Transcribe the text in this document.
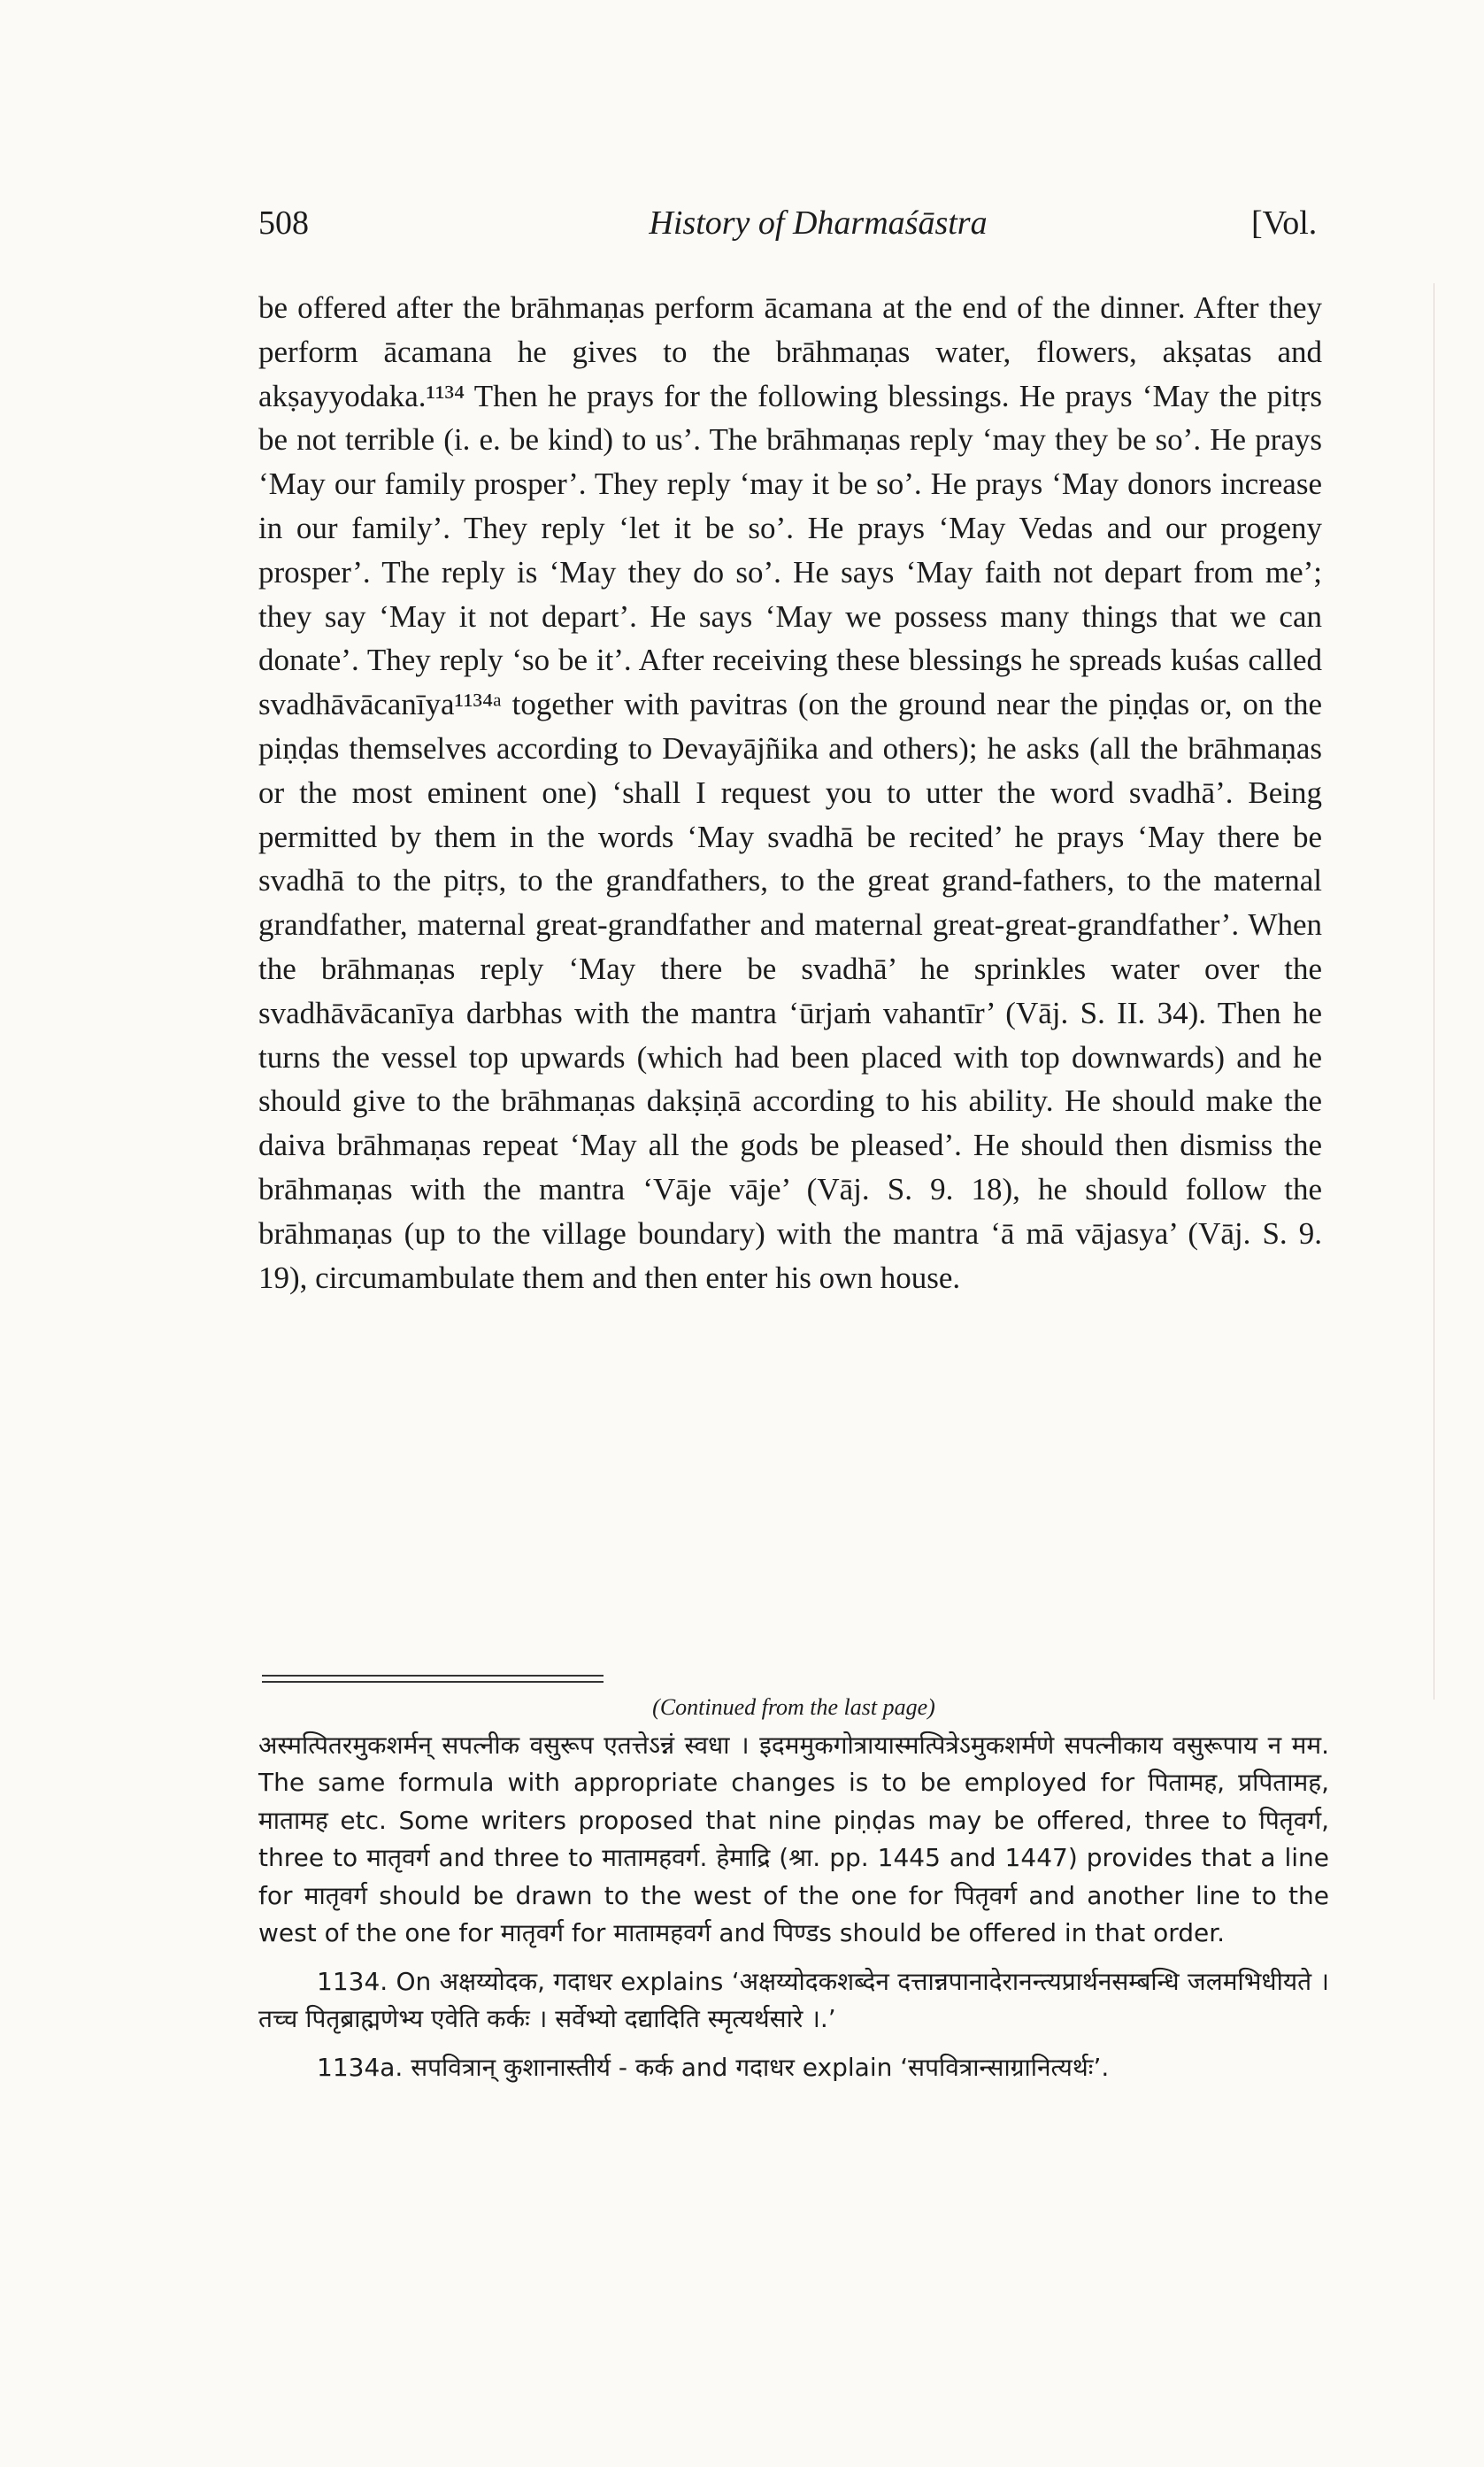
508	History of Dharmaśāstra	[Vol.

be offered after the brāhmaṇas perform ācamana at the end of the dinner. After they perform ācamana he gives to the brāhmaṇas water, flowers, akṣatas and akṣayyodaka.¹¹³⁴ Then he prays for the following blessings. He prays ‘May the pitṛs be not terrible (i. e. be kind) to us’. The brāhmaṇas reply ‘may they be so’. He prays ‘May our family prosper’. They reply ‘may it be so’. He prays ‘May donors increase in our family’. They reply ‘let it be so’. He prays ‘May Vedas and our progeny prosper’. The reply is ‘May they do so’. He says ‘May faith not depart from me’; they say ‘May it not depart’. He says ‘May we possess many things that we can donate’. They reply ‘so be it’. After receiving these blessings he spreads kuśas called svadhāvācanīya¹¹³⁴ᵃ together with pavitras (on the ground near the piṇḍas or, on the piṇḍas themselves according to Devayājñika and others); he asks (all the brāhmaṇas or the most eminent one) ‘shall I request you to utter the word svadhā’. Being permitted by them in the words ‘May svadhā be recited’ he prays ‘May there be svadhā to the pitṛs, to the grandfathers, to the great grand-fathers, to the maternal grandfather, maternal great-grandfather and maternal great-great-grandfather’. When the brāhmaṇas reply ‘May there be svadhā’ he sprinkles water over the svadhāvācanīya darbhas with the mantra ‘ūrjaṁ vahantīr’ (Vāj. S. II. 34). Then he turns the vessel top upwards (which had been placed with top downwards) and he should give to the brāhmaṇas dakṣiṇā according to his ability. He should make the daiva brāhmaṇas repeat ‘May all the gods be pleased’. He should then dismiss the brāhmaṇas with the mantra ‘Vāje vāje’ (Vāj. S. 9. 18), he should follow the brāhmaṇas (up to the village boundary) with the mantra ‘ā mā vājasya’ (Vāj. S. 9. 19), circumambulate them and then enter his own house.

(Continued from the last page)

अस्मत्पितरमुकशर्मन् सपत्नीक वसुरूप एतत्तेऽन्नं स्वधा । इदममुकगोत्रायास्मत्पित्रेऽमुकशर्मणे सपत्नीकाय वसुरूपाय न मम. The same formula with appropriate changes is to be employed for पितामह, प्रपितामह, मातामह etc. Some writers proposed that nine piṇḍas may be offered, three to पितृवर्ग, three to मातृवर्ग and three to मातामहवर्ग. हेमाद्रि (श्रा. pp. 1445 and 1447) provides that a line for मातृवर्ग should be drawn to the west of the one for पितृवर्ग and another line to the west of the one for मातृवर्ग for मातामहवर्ग and पिण्डs should be offered in that order.

1134. On अक्षय्योदक, गदाधर explains ‘अक्षय्योदकशब्देन दत्तान्नपानादेरानन्त्यप्रार्थनसम्बन्धि जलमभिधीयते । तच्च पितृब्राह्मणेभ्य एवेति कर्कः । सर्वेभ्यो दद्यादिति स्मृत्यर्थसारे ।.’

1134a. सपवित्रान् कुशानास्तीर्य - कर्क and गदाधर explain ‘सपवित्रान्साग्रानित्यर्थः’.
